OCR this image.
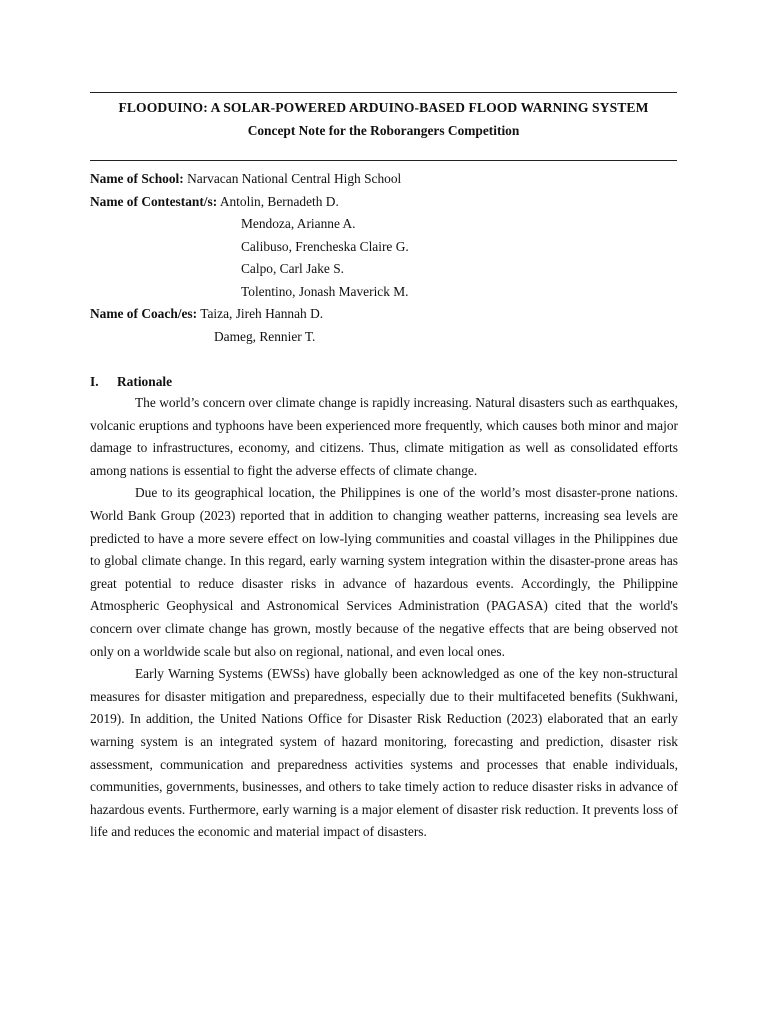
FLOODUINO: A SOLAR-POWERED ARDUINO-BASED FLOOD WARNING SYSTEM
Concept Note for the Roborangers Competition
Name of School: Narvacan National Central High School
Name of Contestant/s: Antolin, Bernadeth D.
Mendoza, Arianne A.
Calibuso, Frencheska Claire G.
Calpo, Carl Jake S.
Tolentino, Jonash Maverick M.
Name of Coach/es: Taiza, Jireh Hannah D.
Dameg, Rennier T.
I. Rationale

The world’s concern over climate change is rapidly increasing. Natural disasters such as earthquakes, volcanic eruptions and typhoons have been experienced more frequently, which causes both minor and major damage to infrastructures, economy, and citizens. Thus, climate mitigation as well as consolidated efforts among nations is essential to fight the adverse effects of climate change.

Due to its geographical location, the Philippines is one of the world’s most disaster-prone nations. World Bank Group (2023) reported that in addition to changing weather patterns, increasing sea levels are predicted to have a more severe effect on low-lying communities and coastal villages in the Philippines due to global climate change. In this regard, early warning system integration within the disaster-prone areas has great potential to reduce disaster risks in advance of hazardous events. Accordingly, the Philippine Atmospheric Geophysical and Astronomical Services Administration (PAGASA) cited that the world's concern over climate change has grown, mostly because of the negative effects that are being observed not only on a worldwide scale but also on regional, national, and even local ones.

Early Warning Systems (EWSs) have globally been acknowledged as one of the key non-structural measures for disaster mitigation and preparedness, especially due to their multifaceted benefits (Sukhwani, 2019). In addition, the United Nations Office for Disaster Risk Reduction (2023) elaborated that an early warning system is an integrated system of hazard monitoring, forecasting and prediction, disaster risk assessment, communication and preparedness activities systems and processes that enable individuals, communities, governments, businesses, and others to take timely action to reduce disaster risks in advance of hazardous events. Furthermore, early warning is a major element of disaster risk reduction. It prevents loss of life and reduces the economic and material impact of disasters.
